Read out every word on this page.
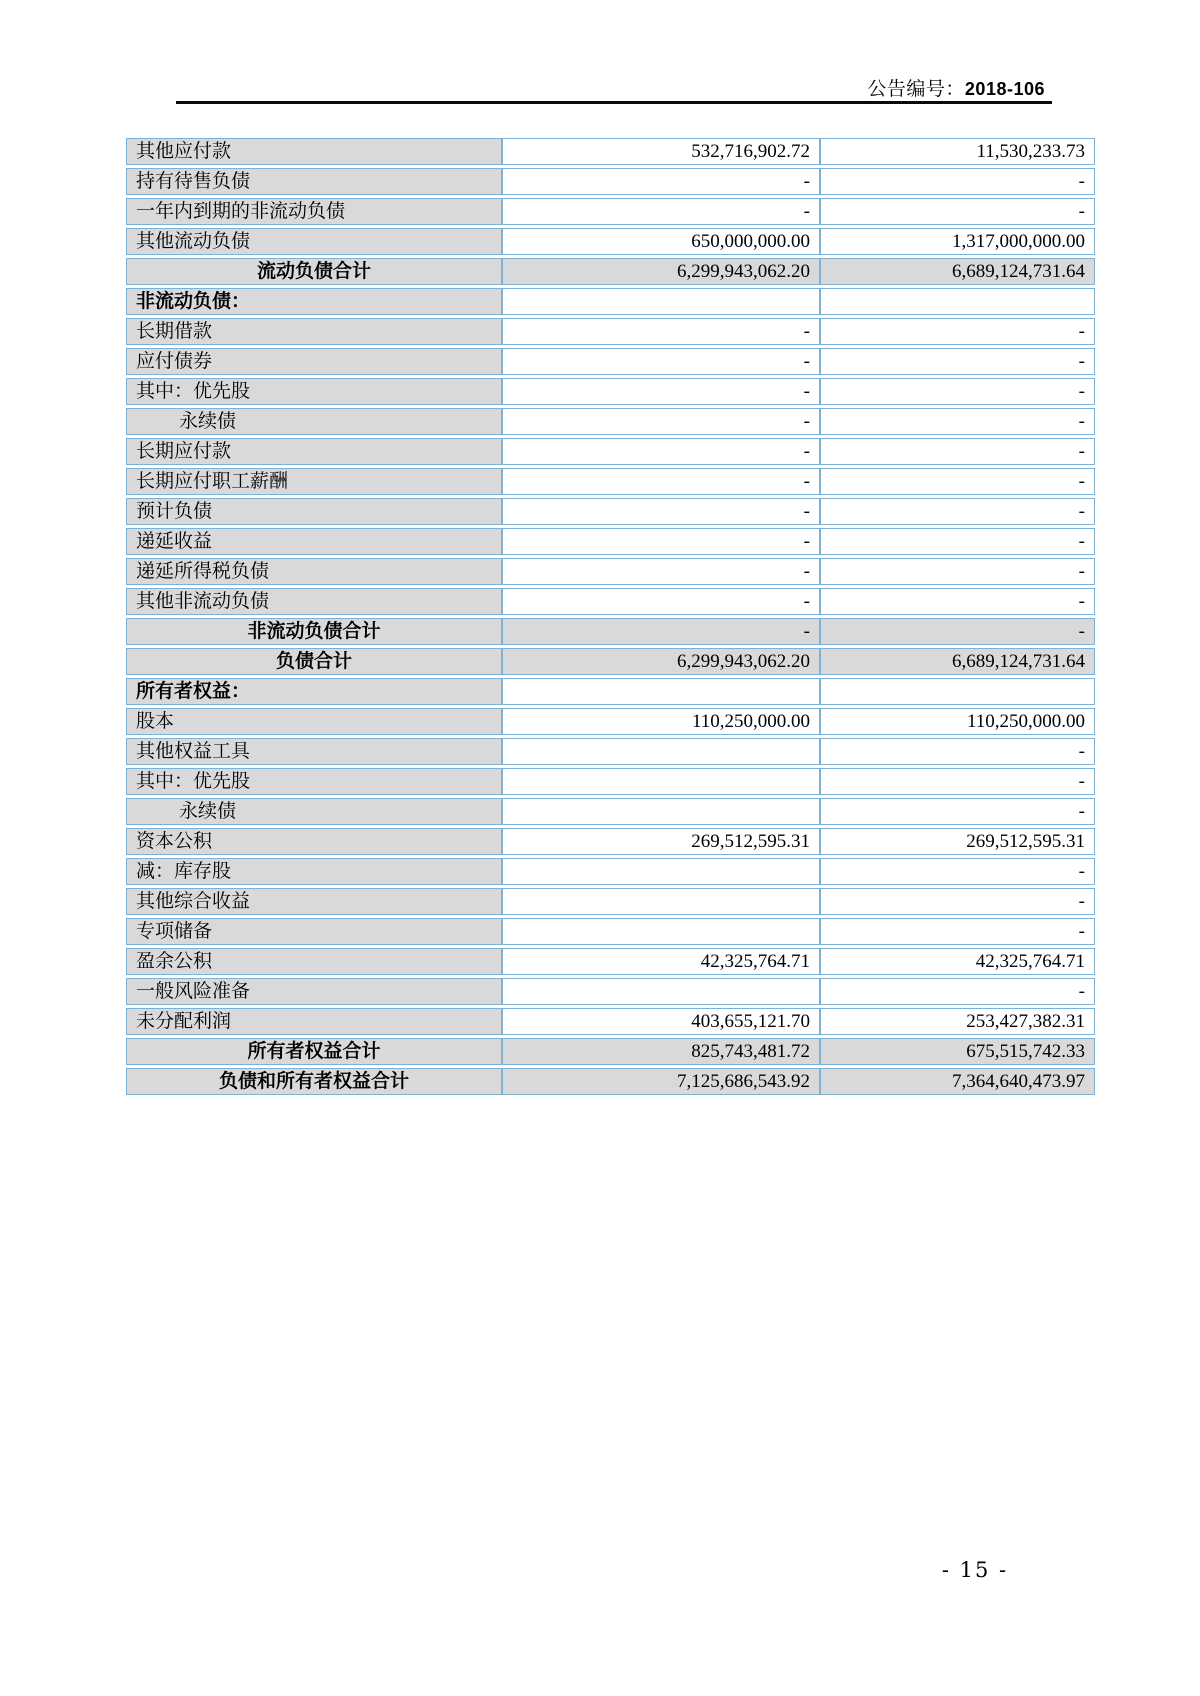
公告编号：2018-106
其他应付款	532,716,902.72	11,530,233.73
持有待售负债	-	-
一年内到期的非流动负债	-	-
其他流动负债	650,000,000.00	1,317,000,000.00
流动负债合计	6,299,943,062.20	6,689,124,731.64
非流动负债：		
长期借款	-	-
应付债券	-	-
其中：优先股	-	-
永续债	-	-
长期应付款	-	-
长期应付职工薪酬	-	-
预计负债	-	-
递延收益	-	-
递延所得税负债	-	-
其他非流动负债	-	-
非流动负债合计	-	-
负债合计	6,299,943,062.20	6,689,124,731.64
所有者权益：		
股本	110,250,000.00	110,250,000.00
其他权益工具		-
其中：优先股		-
永续债		-
资本公积	269,512,595.31	269,512,595.31
减：库存股		-
其他综合收益		-
专项储备		-
盈余公积	42,325,764.71	42,325,764.71
一般风险准备		-
未分配利润	403,655,121.70	253,427,382.31
所有者权益合计	825,743,481.72	675,515,742.33
负债和所有者权益合计	7,125,686,543.92	7,364,640,473.97
- 15 -
